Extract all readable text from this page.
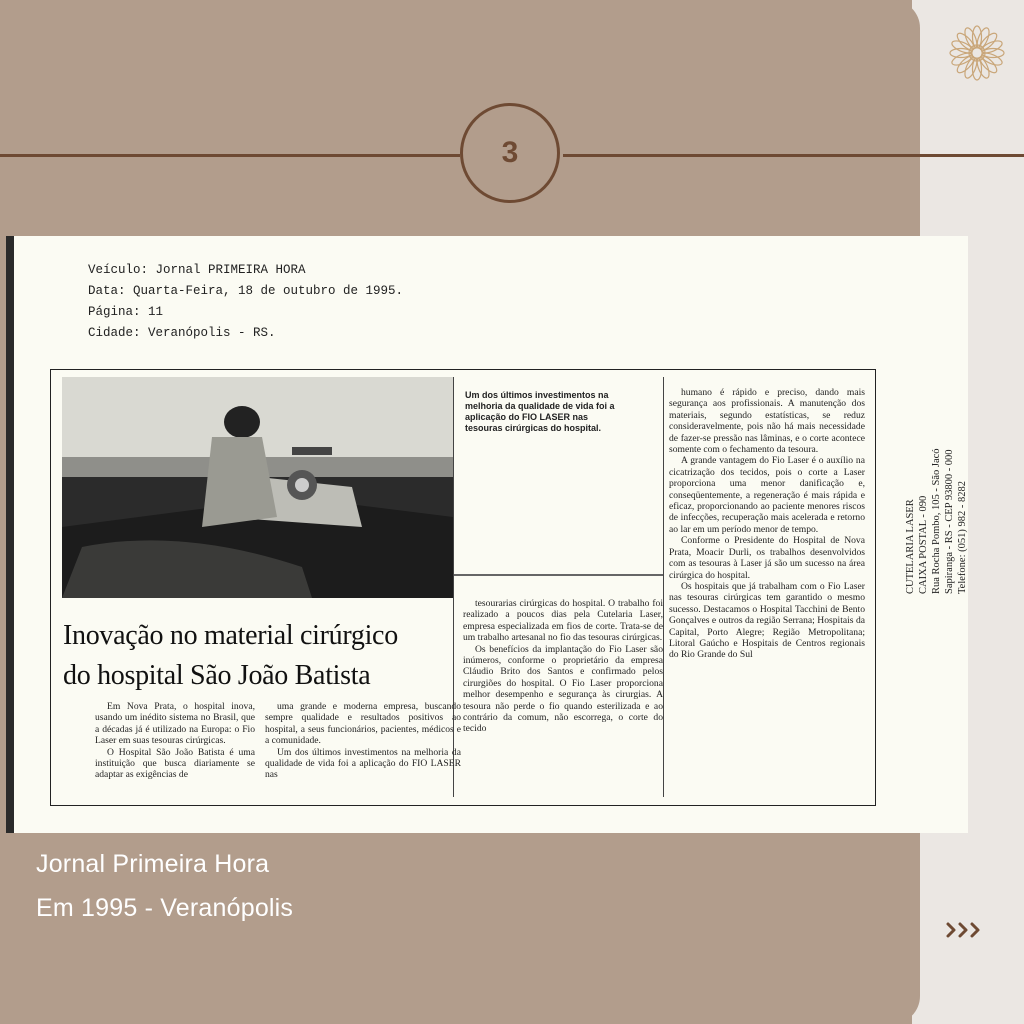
3
Veículo: Jornal PRIMEIRA HORA
Data: Quarta-Feira, 18 de outubro de 1995.
Página: 11
Cidade: Veranópolis - RS.
Um dos últimos investimentos na melhoria da qualidade de vida foi a aplicação do FIO LASER nas tesouras cirúrgicas do hospital.
Inovação no material cirúrgico
do hospital São João Batista

Em Nova Prata, o hospital inova, usando um inédito sistema no Brasil, que a décadas já é utilizado na Europa: o Fio Laser em suas tesouras cirúrgicas.

O Hospital São João Batista é uma instituição que busca diariamente se adaptar as exigências de

uma grande e moderna empresa, buscando sempre qualidade e resultados positivos ao hospital, a seus funcionários, pacientes, médicos e a comunidade.

Um dos últimos investimentos na melhoria da qualidade de vida foi a aplicação do FIO LASER nas

tesourarias cirúrgicas do hospital. O trabalho foi realizado a poucos dias pela Cutelaria Laser, empresa especializada em fios de corte. Trata-se de um trabalho artesanal no fio das tesouras cirúrgicas.

Os benefícios da implantação do Fio Laser são inúmeros, conforme o proprietário da empresa Cláudio Brito dos Santos e confirmado pelos cirurgiões do hospital. O Fio Laser proporciona melhor desempenho e segurança às cirurgias. A tesoura não perde o fio quando esterilizada e ao contrário da comum, não escorrega, o corte do tecido

humano é rápido e preciso, dando mais segurança aos profissionais. A manutenção dos materiais, segundo estatísticas, se reduz consideravelmente, pois não há mais necessidade de fazer-se pressão nas lâminas, e o corte acontece somente com o fechamento da tesoura.

A grande vantagem do Fio Laser é o auxílio na cicatrização dos tecidos, pois o corte a Laser proporciona uma menor danificação e, conseqüentemente, a regeneração é mais rápida e eficaz, proporcionando ao paciente menores riscos de infecções, recuperação mais acelerada e retorno ao lar em um período menor de tempo.

Conforme o Presidente do Hospital de Nova Prata, Moacir Durli, os trabalhos desenvolvidos com as tesouras à Laser já são um sucesso na área cirúrgica do hospital.

Os hospitais que já trabalham com o Fio Laser nas tesouras cirúrgicas tem garantido o mesmo sucesso. Destacamos o Hospital Tacchini de Bento Gonçalves e outros da região Serrana; Hospitais da Capital, Porto Alegre; Região Metropolitana; Litoral Gaúcho e Hospitais de Centros regionais do Rio Grande do Sul

CUTELARIA LASER CAIXA POSTAL - 090 Rua Rocha Pombo, 105 - São Jacó Sapiranga - RS - CEP 93800 - 000 Telefone: (051) 982 - 8282
Jornal Primeira Hora
Em 1995 - Veranópolis
